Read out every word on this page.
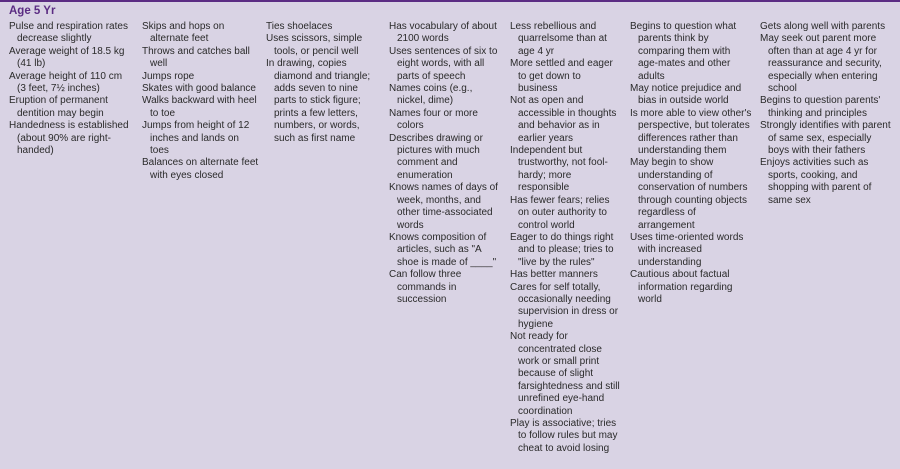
Age 5 Yr
Pulse and respiration rates decrease slightly
Average weight of 18.5 kg (41 lb)
Average height of 110 cm (3 feet, 7½ inches)
Eruption of permanent dentition may begin
Handedness is established (about 90% are right-handed)
Skips and hops on alternate feet
Throws and catches ball well
Jumps rope
Skates with good balance
Walks backward with heel to toe
Jumps from height of 12 inches and lands on toes
Balances on alternate feet with eyes closed
Ties shoelaces
Uses scissors, simple tools, or pencil well
In drawing, copies diamond and triangle; adds seven to nine parts to stick figure; prints a few letters, numbers, or words, such as first name
Has vocabulary of about 2100 words
Uses sentences of six to eight words, with all parts of speech
Names coins (e.g., nickel, dime)
Names four or more colors
Describes drawing or pictures with much comment and enumeration
Knows names of days of week, months, and other time-associated words
Knows composition of articles, such as "A shoe is made of ____"
Can follow three commands in succession
Less rebellious and quarrelsome than at age 4 yr
More settled and eager to get down to business
Not as open and accessible in thoughts and behavior as in earlier years
Independent but trustworthy, not fool-hardy; more responsible
Has fewer fears; relies on outer authority to control world
Eager to do things right and to please; tries to "live by the rules"
Has better manners
Cares for self totally, occasionally needing supervision in dress or hygiene
Not ready for concentrated close work or small print because of slight farsightedness and still unrefined eye-hand coordination
Play is associative; tries to follow rules but may cheat to avoid losing
Begins to question what parents think by comparing them with age-mates and other adults
May notice prejudice and bias in outside world
Is more able to view other's perspective, but tolerates differences rather than understanding them
May begin to show understanding of conservation of numbers through counting objects regardless of arrangement
Uses time-oriented words with increased understanding
Cautious about factual information regarding world
Gets along well with parents
May seek out parent more often than at age 4 yr for reassurance and security, especially when entering school
Begins to question parents' thinking and principles
Strongly identifies with parent of same sex, especially boys with their fathers
Enjoys activities such as sports, cooking, and shopping with parent of same sex
